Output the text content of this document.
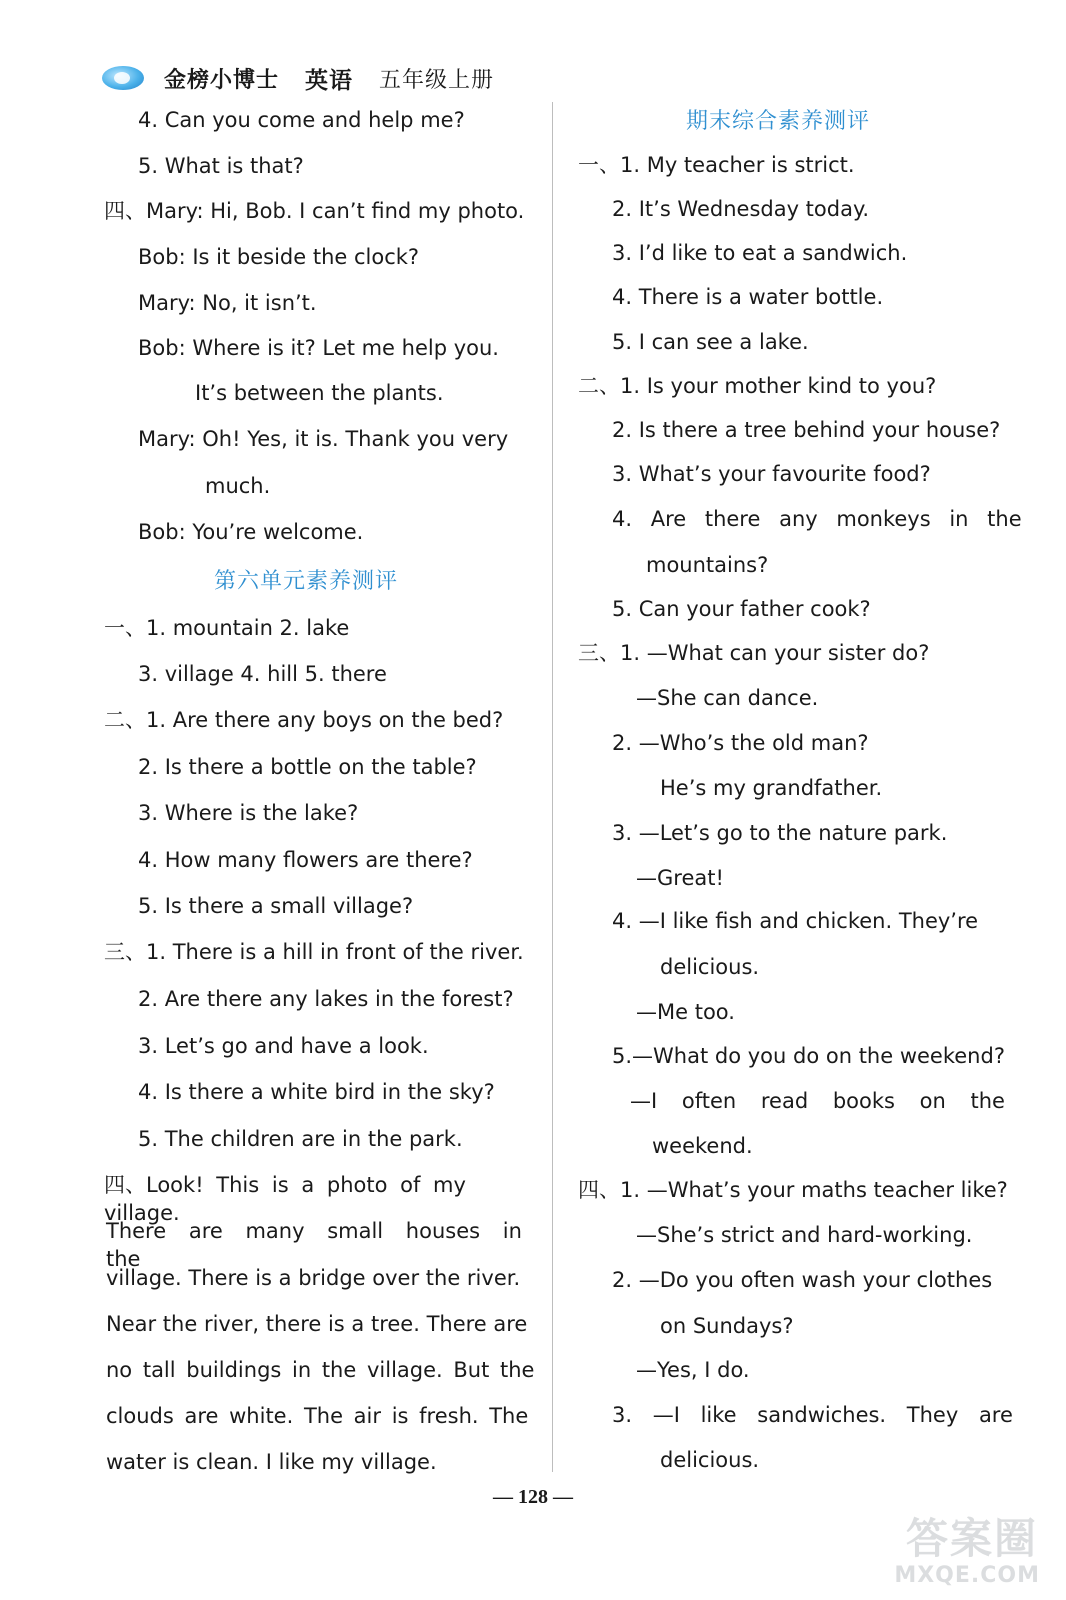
金榜小博士 英语 五年级上册
4. Can you come and help me?
5. What is that?
四、Mary: Hi, Bob. I can’t find my photo.
Bob: Is it beside the clock?
Mary: No, it isn’t.
Bob: Where is it? Let me help you.
It’s between the plants.
Mary: Oh! Yes, it is. Thank you very
much.
Bob: You’re welcome.
第六单元素养测评
一、1. mountain 2. lake
3. village 4. hill 5. there
二、1. Are there any boys on the bed?
2. Is there a bottle on the table?
3. Where is the lake?
4. How many flowers are there?
5. Is there a small village?
三、1. There is a hill in front of the river.
2. Are there any lakes in the forest?
3. Let’s go and have a look.
4. Is there a white bird in the sky?
5. The children are in the park.
四、Look! This is a photo of my village.
There are many small houses in the
village. There is a bridge over the river.
Near the river, there is a tree. There are
no tall buildings in the village. But the
clouds are white. The air is fresh. The
water is clean. I like my village.
期末综合素养测评
一、1. My teacher is strict.
2. It’s Wednesday today.
3. I’d like to eat a sandwich.
4. There is a water bottle.
5. I can see a lake.
二、1. Is your mother kind to you?
2. Is there a tree behind your house?
3. What’s your favourite food?
4. Are there any monkeys in the
mountains?
5. Can your father cook?
三、1. —What can your sister do?
—She can dance.
2. —Who’s the old man?
He’s my grandfather.
3. —Let’s go to the nature park.
—Great!
4. —I like fish and chicken. They’re
delicious.
—Me too.
5.—What do you do on the weekend?
—I often read books on the
weekend.
四、1. —What’s your maths teacher like?
—She’s strict and hard-working.
2. —Do you often wash your clothes
on Sundays?
—Yes, I do.
3. —I like sandwiches. They are
delicious.
— 128 —
答案圈
MXQE.COM
